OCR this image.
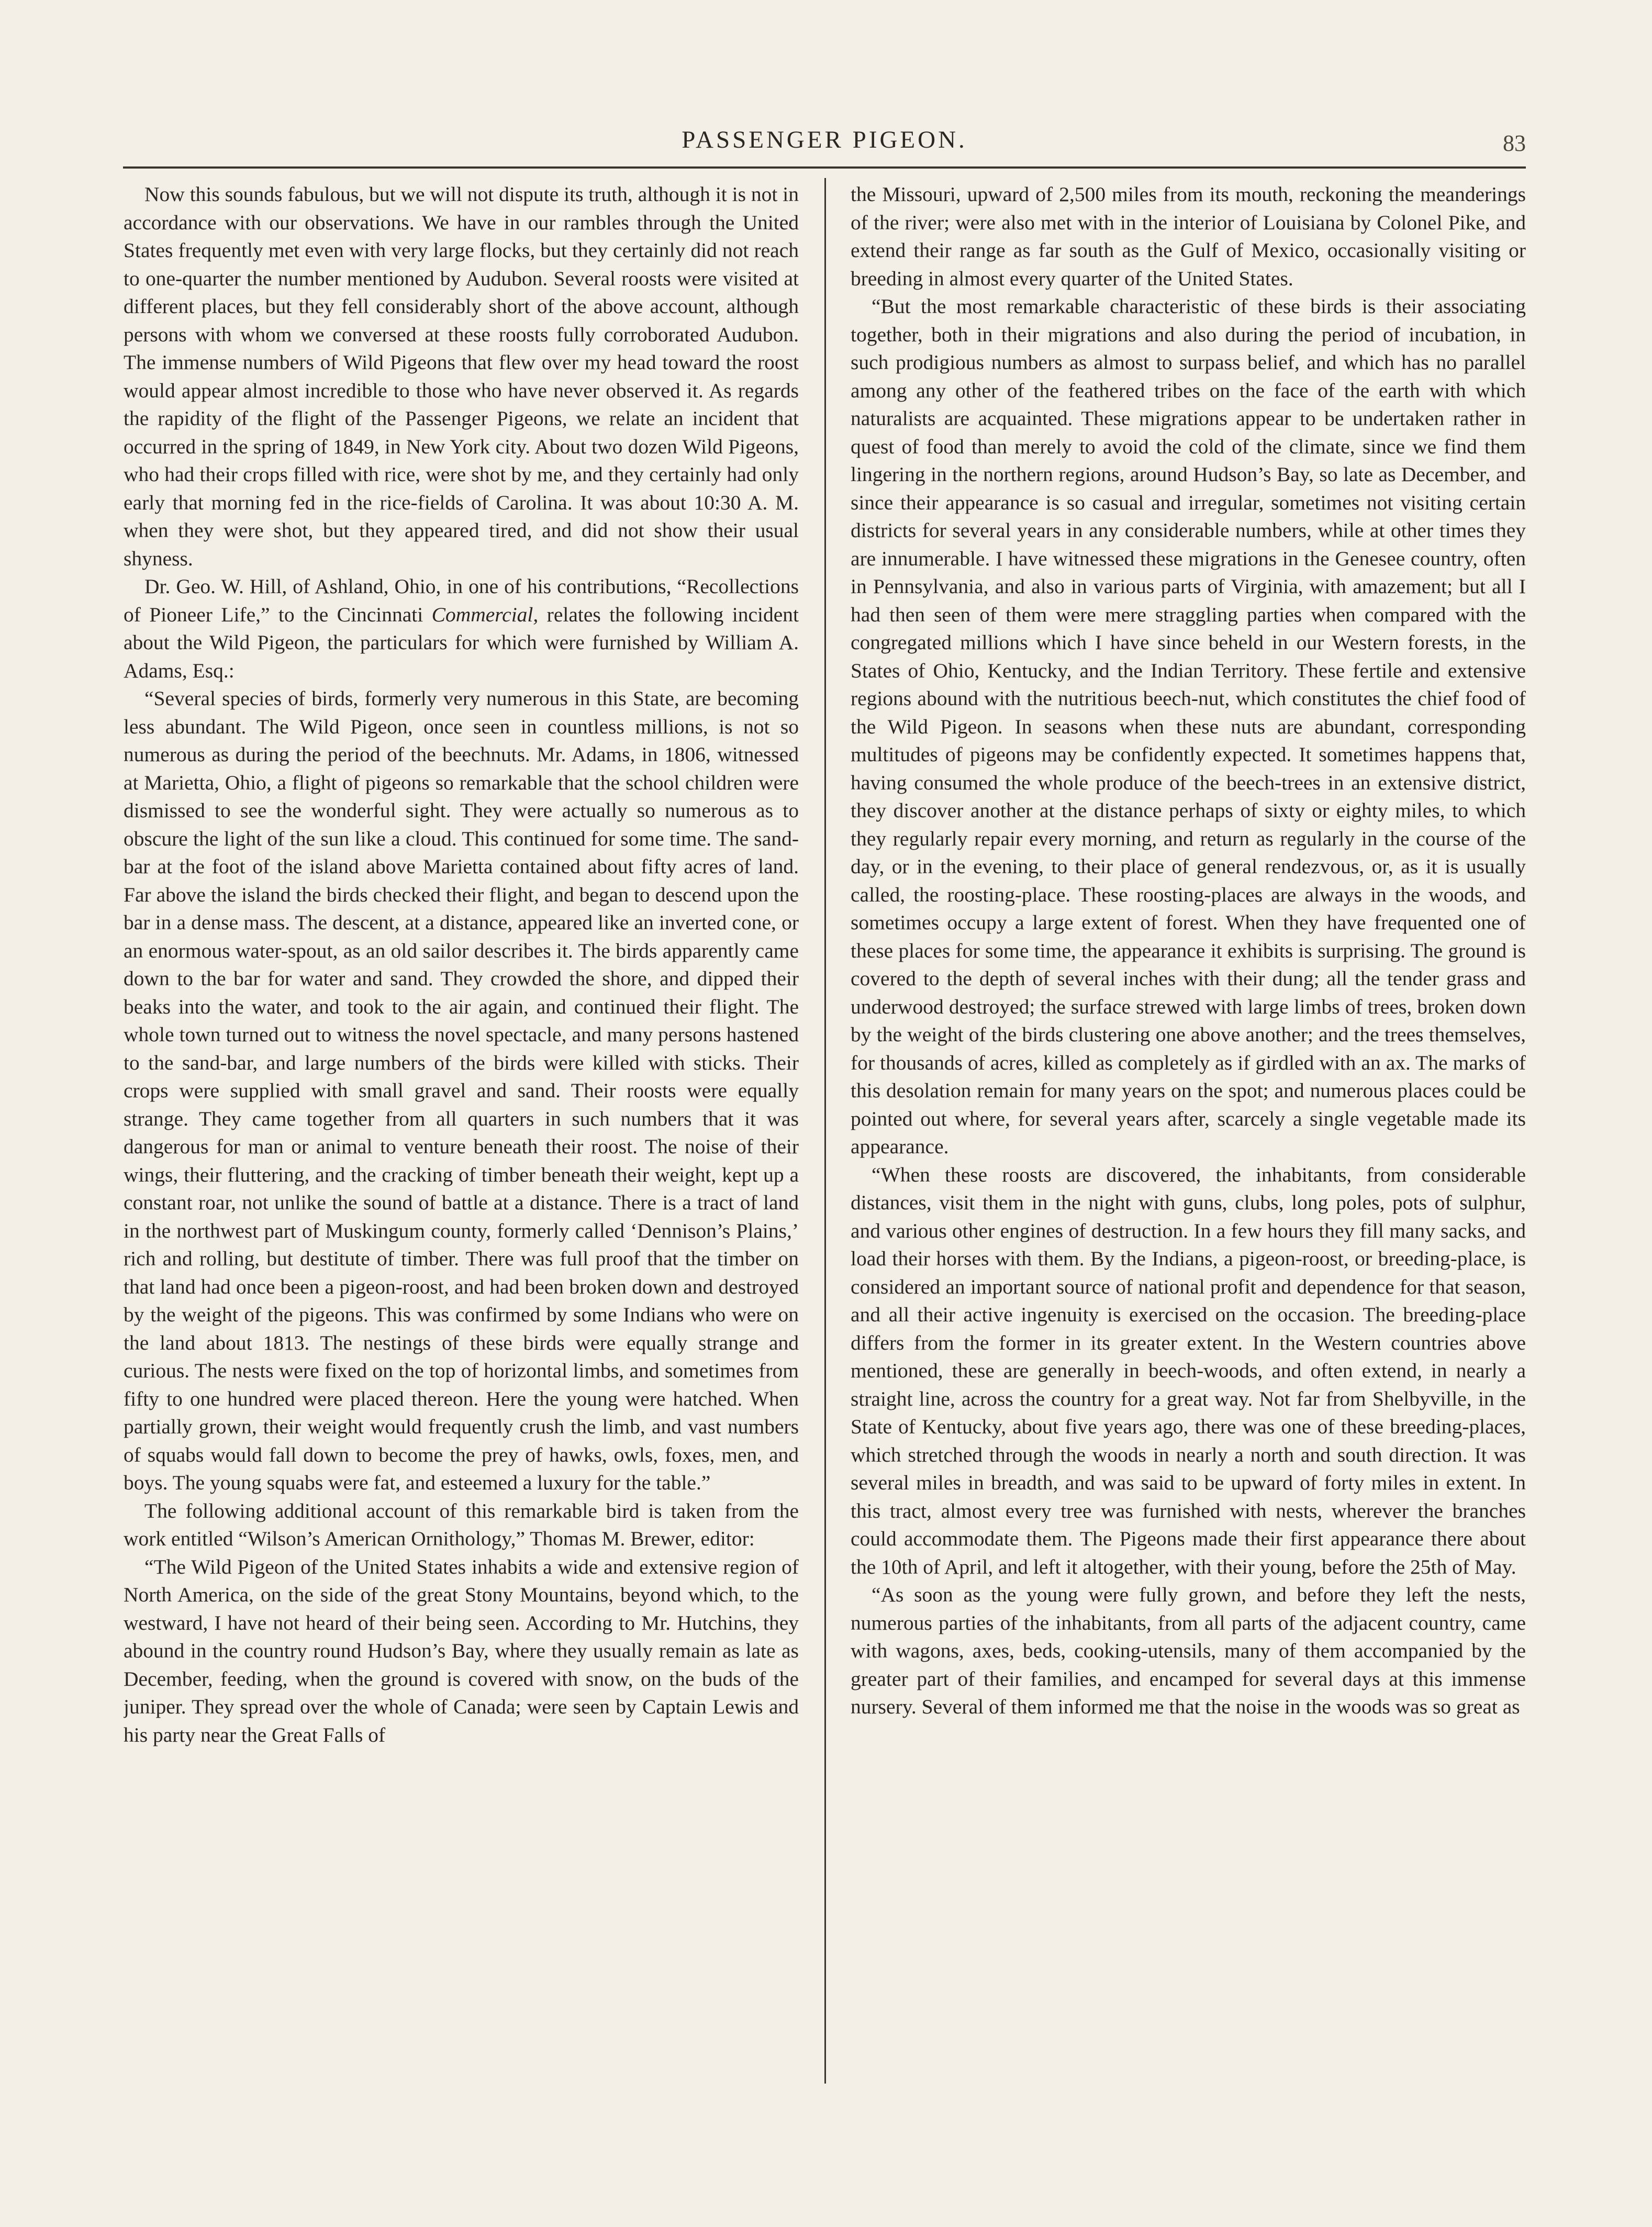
PASSENGER PIGEON.	83

Now this sounds fabulous, but we will not dispute its truth, although it is not in accordance with our observations. We have in our rambles through the United States frequently met even with very large flocks, but they certainly did not reach to one-quarter the number mentioned by Audubon. Several roosts were visited at different places, but they fell considerably short of the above account, although persons with whom we conversed at these roosts fully corroborated Audubon. The immense numbers of Wild Pigeons that flew over my head toward the roost would appear almost incredible to those who have never observed it. As regards the rapidity of the flight of the Passenger Pigeons, we relate an incident that occurred in the spring of 1849, in New York city. About two dozen Wild Pigeons, who had their crops filled with rice, were shot by me, and they certainly had only early that morning fed in the rice-fields of Carolina. It was about 10:30 A. M. when they were shot, but they appeared tired, and did not show their usual shyness.

Dr. Geo. W. Hill, of Ashland, Ohio, in one of his contributions, “Recollections of Pioneer Life,” to the Cincinnati Commercial, relates the following incident about the Wild Pigeon, the particulars for which were furnished by William A. Adams, Esq.:

“Several species of birds, formerly very numerous in this State, are becoming less abundant. The Wild Pigeon, once seen in countless millions, is not so numerous as during the period of the beechnuts. Mr. Adams, in 1806, witnessed at Marietta, Ohio, a flight of pigeons so remarkable that the school children were dismissed to see the wonderful sight. They were actually so numerous as to obscure the light of the sun like a cloud. This continued for some time. The sand-bar at the foot of the island above Marietta contained about fifty acres of land. Far above the island the birds checked their flight, and began to descend upon the bar in a dense mass. The descent, at a distance, appeared like an inverted cone, or an enormous water-spout, as an old sailor describes it. The birds apparently came down to the bar for water and sand. They crowded the shore, and dipped their beaks into the water, and took to the air again, and continued their flight. The whole town turned out to witness the novel spectacle, and many persons hastened to the sand-bar, and large numbers of the birds were killed with sticks. Their crops were supplied with small gravel and sand. Their roosts were equally strange. They came together from all quarters in such numbers that it was dangerous for man or animal to venture beneath their roost. The noise of their wings, their fluttering, and the cracking of timber beneath their weight, kept up a constant roar, not unlike the sound of battle at a distance. There is a tract of land in the northwest part of Muskingum county, formerly called ‘Dennison’s Plains,’ rich and rolling, but destitute of timber. There was full proof that the timber on that land had once been a pigeon-roost, and had been broken down and destroyed by the weight of the pigeons. This was confirmed by some Indians who were on the land about 1813. The nestings of these birds were equally strange and curious. The nests were fixed on the top of horizontal limbs, and sometimes from fifty to one hundred were placed thereon. Here the young were hatched. When partially grown, their weight would frequently crush the limb, and vast numbers of squabs would fall down to become the prey of hawks, owls, foxes, men, and boys. The young squabs were fat, and esteemed a luxury for the table.”

The following additional account of this remarkable bird is taken from the work entitled “Wilson’s American Ornithology,” Thomas M. Brewer, editor:

“The Wild Pigeon of the United States inhabits a wide and extensive region of North America, on the side of the great Stony Mountains, beyond which, to the westward, I have not heard of their being seen. According to Mr. Hutchins, they abound in the country round Hudson’s Bay, where they usually remain as late as December, feeding, when the ground is covered with snow, on the buds of the juniper. They spread over the whole of Canada; were seen by Captain Lewis and his party near the Great Falls of

the Missouri, upward of 2,500 miles from its mouth, reckoning the meanderings of the river; were also met with in the interior of Louisiana by Colonel Pike, and extend their range as far south as the Gulf of Mexico, occasionally visiting or breeding in almost every quarter of the United States.

“But the most remarkable characteristic of these birds is their associating together, both in their migrations and also during the period of incubation, in such prodigious numbers as almost to surpass belief, and which has no parallel among any other of the feathered tribes on the face of the earth with which naturalists are acquainted. These migrations appear to be undertaken rather in quest of food than merely to avoid the cold of the climate, since we find them lingering in the northern regions, around Hudson’s Bay, so late as December, and since their appearance is so casual and irregular, sometimes not visiting certain districts for several years in any considerable numbers, while at other times they are innumerable. I have witnessed these migrations in the Genesee country, often in Pennsylvania, and also in various parts of Virginia, with amazement; but all I had then seen of them were mere straggling parties when compared with the congregated millions which I have since beheld in our Western forests, in the States of Ohio, Kentucky, and the Indian Territory. These fertile and extensive regions abound with the nutritious beech-nut, which constitutes the chief food of the Wild Pigeon. In seasons when these nuts are abundant, corresponding multitudes of pigeons may be confidently expected. It sometimes happens that, having consumed the whole produce of the beech-trees in an extensive district, they discover another at the distance perhaps of sixty or eighty miles, to which they regularly repair every morning, and return as regularly in the course of the day, or in the evening, to their place of general rendezvous, or, as it is usually called, the roosting-place. These roosting-places are always in the woods, and sometimes occupy a large extent of forest. When they have frequented one of these places for some time, the appearance it exhibits is surprising. The ground is covered to the depth of several inches with their dung; all the tender grass and underwood destroyed; the surface strewed with large limbs of trees, broken down by the weight of the birds clustering one above another; and the trees themselves, for thousands of acres, killed as completely as if girdled with an ax. The marks of this desolation remain for many years on the spot; and numerous places could be pointed out where, for several years after, scarcely a single vegetable made its appearance.

“When these roosts are discovered, the inhabitants, from considerable distances, visit them in the night with guns, clubs, long poles, pots of sulphur, and various other engines of destruction. In a few hours they fill many sacks, and load their horses with them. By the Indians, a pigeon-roost, or breeding-place, is considered an important source of national profit and dependence for that season, and all their active ingenuity is exercised on the occasion. The breeding-place differs from the former in its greater extent. In the Western countries above mentioned, these are generally in beech-woods, and often extend, in nearly a straight line, across the country for a great way. Not far from Shelbyville, in the State of Kentucky, about five years ago, there was one of these breeding-places, which stretched through the woods in nearly a north and south direction. It was several miles in breadth, and was said to be upward of forty miles in extent. In this tract, almost every tree was furnished with nests, wherever the branches could accommodate them. The Pigeons made their first appearance there about the 10th of April, and left it altogether, with their young, before the 25th of May.

“As soon as the young were fully grown, and before they left the nests, numerous parties of the inhabitants, from all parts of the adjacent country, came with wagons, axes, beds, cooking-utensils, many of them accompanied by the greater part of their families, and encamped for several days at this immense nursery. Several of them informed me that the noise in the woods was so great as
